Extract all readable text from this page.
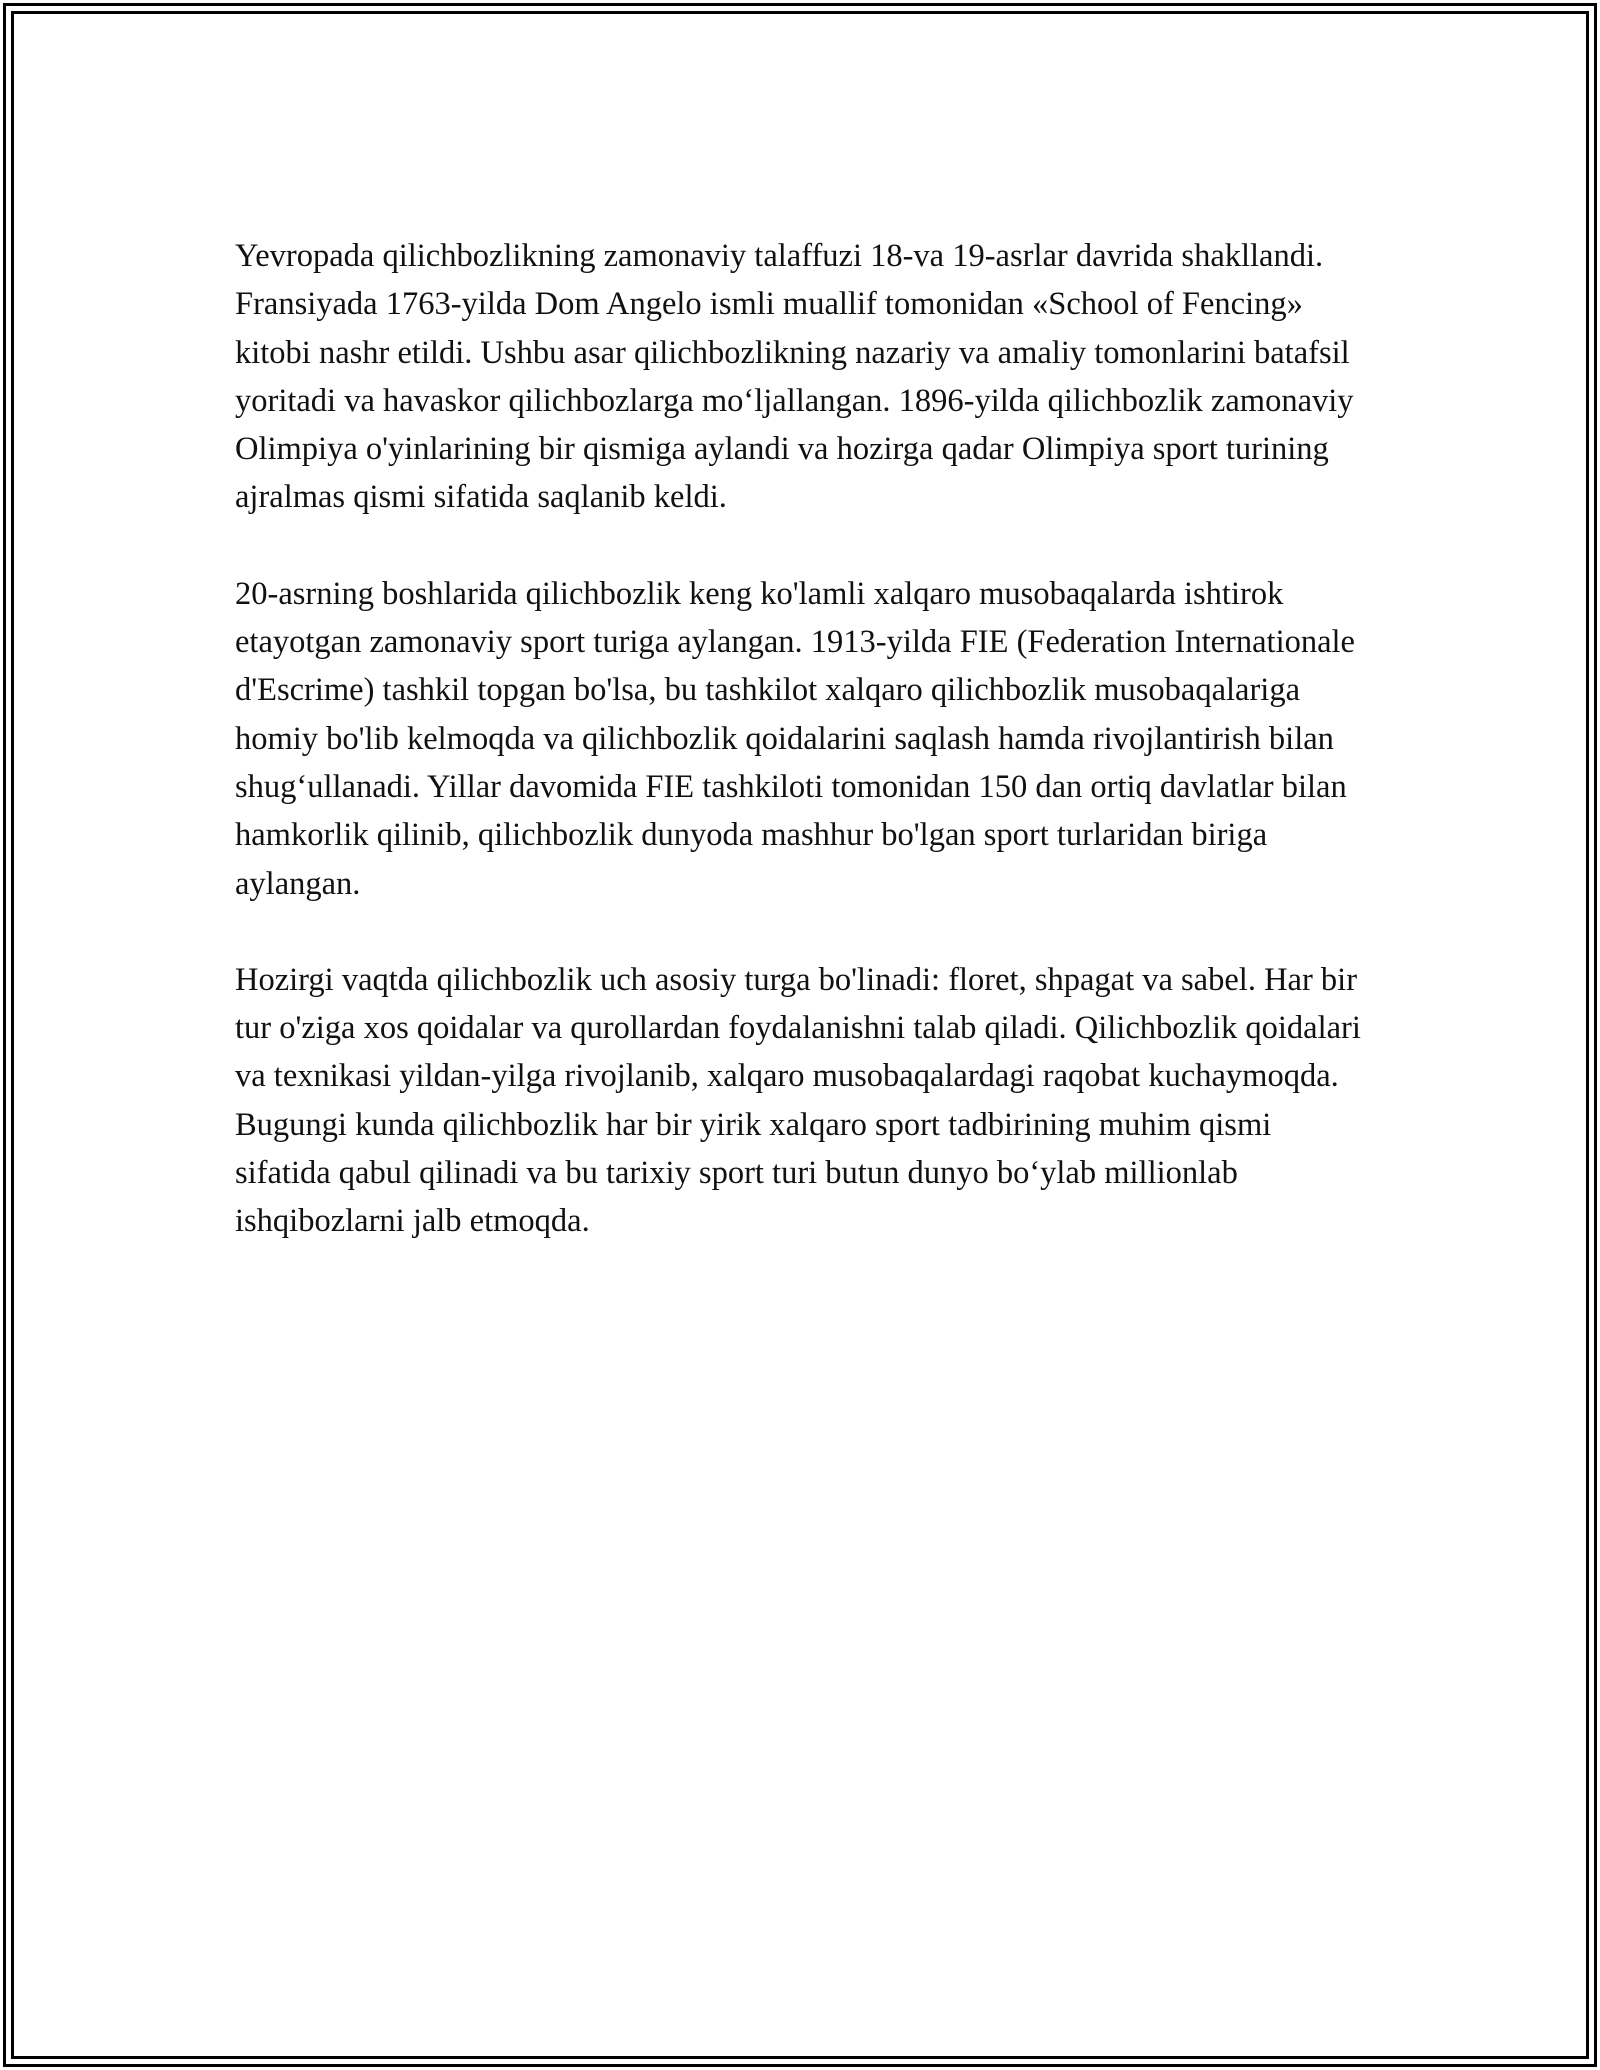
Yevropada qilichbozlikning zamonaviy talaffuzi 18-va 19-asrlar davrida shakllandi. Fransiyada 1763-yilda Dom Angelo ismli muallif tomonidan «School of Fencing» kitobi nashr etildi. Ushbu asar qilichbozlikning nazariy va amaliy tomonlarini batafsil yoritadi va havaskor qilichbozlarga mo‘ljallangan. 1896-yilda qilichbozlik zamonaviy Olimpiya o'yinlarining bir qismiga aylandi va hozirga qadar Olimpiya sport turining ajralmas qismi sifatida saqlanib keldi.

20-asrning boshlarida qilichbozlik keng ko'lamli xalqaro musobaqalarda ishtirok etayotgan zamonaviy sport turiga aylangan. 1913-yilda FIE (Federation Internationale d'Escrime) tashkil topgan bo'lsa, bu tashkilot xalqaro qilichbozlik musobaqalariga homiy bo'lib kelmoqda va qilichbozlik qoidalarini saqlash hamda rivojlantirish bilan shug‘ullanadi. Yillar davomida FIE tashkiloti tomonidan 150 dan ortiq davlatlar bilan hamkorlik qilinib, qilichbozlik dunyoda mashhur bo'lgan sport turlaridan biriga aylangan.

Hozirgi vaqtda qilichbozlik uch asosiy turga bo'linadi: floret, shpagat va sabel. Har bir tur o'ziga xos qoidalar va qurollardan foydalanishni talab qiladi. Qilichbozlik qoidalari va texnikasi yildan-yilga rivojlanib, xalqaro musobaqalardagi raqobat kuchaymoqda. Bugungi kunda qilichbozlik har bir yirik xalqaro sport tadbirining muhim qismi sifatida qabul qilinadi va bu tarixiy sport turi butun dunyo bo‘ylab millionlab ishqibozlarni jalb etmoqda.
